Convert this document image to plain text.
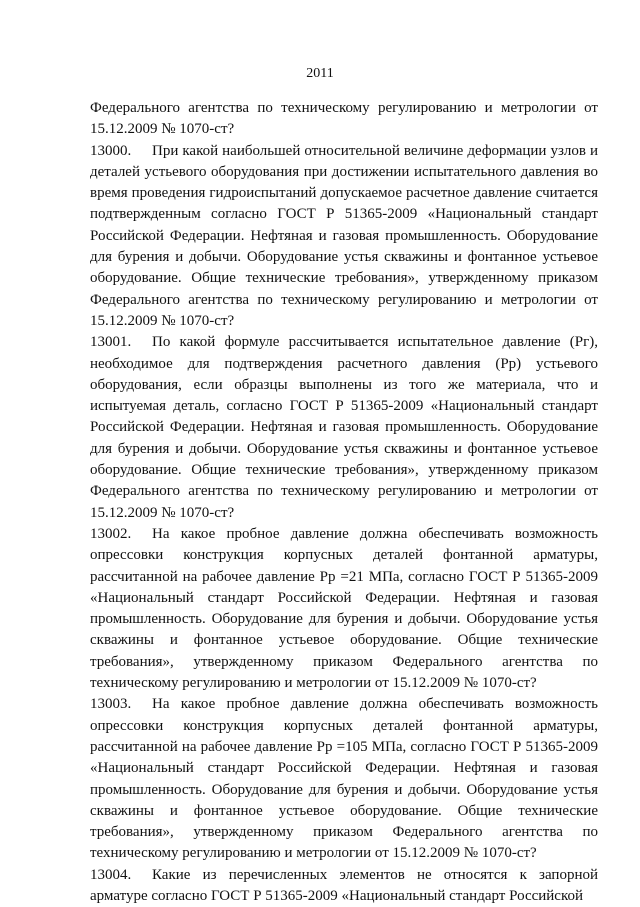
2011

Федерального агентства по техническому регулированию и метрологии от 15.12.2009 № 1070-ст?

13000. При какой наибольшей относительной величине деформации узлов и деталей устьевого оборудования при достижении испытательного давления во время проведения гидроиспытаний допускаемое расчетное давление считается подтвержденным согласно ГОСТ Р 51365-2009 «Национальный стандарт Российской Федерации. Нефтяная и газовая промышленность. Оборудование для бурения и добычи. Оборудование устья скважины и фонтанное устьевое оборудование. Общие технические требования», утвержденному приказом Федерального агентства по техническому регулированию и метрологии от 15.12.2009 № 1070-ст?

13001. По какой формуле рассчитывается испытательное давление (Рг), необходимое для подтверждения расчетного давления (Рр) устьевого оборудования, если образцы выполнены из того же материала, что и испытуемая деталь, согласно ГОСТ Р 51365-2009 «Национальный стандарт Российской Федерации. Нефтяная и газовая промышленность. Оборудование для бурения и добычи. Оборудование устья скважины и фонтанное устьевое оборудование. Общие технические требования», утвержденному приказом Федерального агентства по техническому регулированию и метрологии от 15.12.2009 № 1070-ст?

13002. На какое пробное давление должна обеспечивать возможность опрессовки конструкция корпусных деталей фонтанной арматуры, рассчитанной на рабочее давление Рр =21 МПа, согласно ГОСТ Р 51365-2009 «Национальный стандарт Российской Федерации. Нефтяная и газовая промышленность. Оборудование для бурения и добычи. Оборудование устья скважины и фонтанное устьевое оборудование. Общие технические требования», утвержденному приказом Федерального агентства по техническому регулированию и метрологии от 15.12.2009 № 1070-ст?

13003. На какое пробное давление должна обеспечивать возможность опрессовки конструкция корпусных деталей фонтанной арматуры, рассчитанной на рабочее давление Рр =105 МПа, согласно ГОСТ Р 51365-2009 «Национальный стандарт Российской Федерации. Нефтяная и газовая промышленность. Оборудование для бурения и добычи. Оборудование устья скважины и фонтанное устьевое оборудование. Общие технические требования», утвержденному приказом Федерального агентства по техническому регулированию и метрологии от 15.12.2009 № 1070-ст?

13004. Какие из перечисленных элементов не относятся к запорной арматуре согласно ГОСТ Р 51365-2009 «Национальный стандарт Российской
